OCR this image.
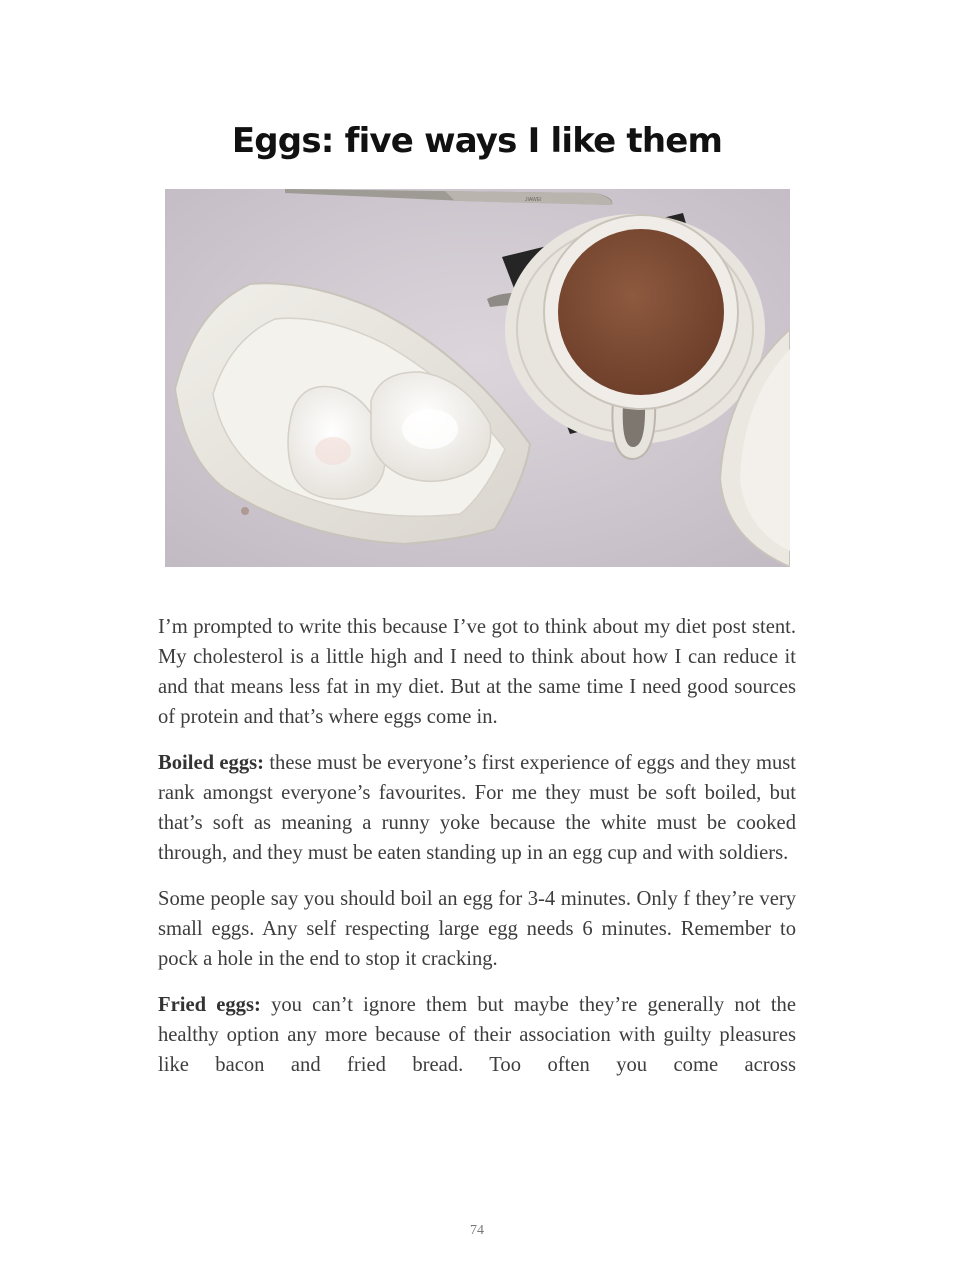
Eggs: five ways I like them
JIAWEI

I’m prompted to write this because I’ve got to think about my diet post stent. My cholesterol is a little high and I need to think about how I can reduce it and that means less fat in my diet. But at the same time I need good sources of protein and that’s where eggs come in.

Boiled eggs: these must be everyone’s first experience of eggs and they must rank amongst everyone’s favourites. For me they must be soft boiled, but that’s soft as meaning a runny yoke because the white must be cooked through, and they must be eaten standing up in an egg cup and with soldiers.

Some people say you should boil an egg for 3-4 minutes. Only f they’re very small eggs. Any self respecting large egg needs 6 minutes. Remember to pock a hole in the end to stop it cracking.

Fried eggs: you can’t ignore them but maybe they’re generally not the healthy option any more because of their association with guilty pleasures like bacon and fried bread. Too often you come across

74
